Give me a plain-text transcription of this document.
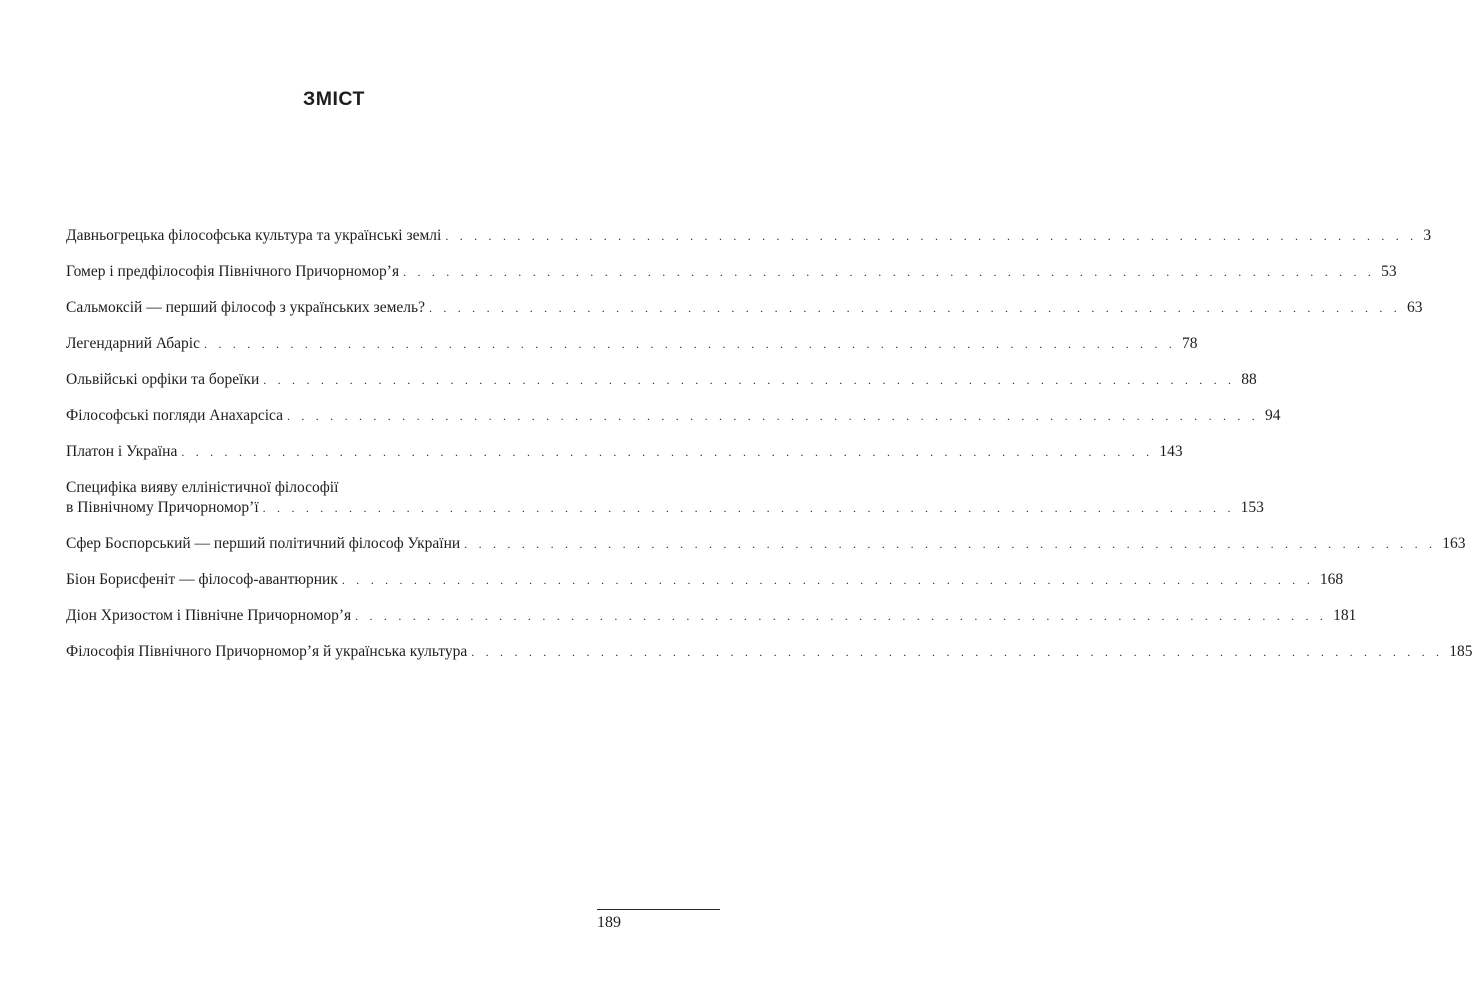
ЗМІСТ
Давньогрецька філософська культура та українські землі . . . . . . . . . . . . . . . . . . . . . . . . . . . . . . . . . . . . . . . . . . . . . . . . . . . . . . . . . . . . . . . . . . . . 3
Гомер і предфілософія Північного Причорномор’я . . . . . . . . . . . . . . . . . . . . . . . . . . . . . . . . . . . . . . . . . . . . . . . . . . . . . . . . . . . . . . . . . . . . 53
Сальмоксій — перший філософ з українських земель? . . . . . . . . . . . . . . . . . . . . . . . . . . . . . . . . . . . . . . . . . . . . . . . . . . . . . . . . . . . . . . . . . . . . 63
Легендарний Абаріс . . . . . . . . . . . . . . . . . . . . . . . . . . . . . . . . . . . . . . . . . . . . . . . . . . . . . . . . . . . . . . . . . . . . 78
Ольвійські орфіки та бореїки . . . . . . . . . . . . . . . . . . . . . . . . . . . . . . . . . . . . . . . . . . . . . . . . . . . . . . . . . . . . . . . . . . . . 88
Філософські погляди Анахарсіса . . . . . . . . . . . . . . . . . . . . . . . . . . . . . . . . . . . . . . . . . . . . . . . . . . . . . . . . . . . . . . . . . . . . 94
Платон і Україна . . . . . . . . . . . . . . . . . . . . . . . . . . . . . . . . . . . . . . . . . . . . . . . . . . . . . . . . . . . . . . . . . . . . 143
Специфіка вияву елліністичної філософії
в Північному Причорномор’ї . . . . . . . . . . . . . . . . . . . . . . . . . . . . . . . . . . . . . . . . . . . . . . . . . . . . . . . . . . . . . . . . . . . . 153
Сфер Боспорський — перший політичний філософ України . . . . . . . . . . . . . . . . . . . . . . . . . . . . . . . . . . . . . . . . . . . . . . . . . . . . . . . . . . . . . . . . . . . . 163
Біон Борисфеніт — філософ-авантюрник . . . . . . . . . . . . . . . . . . . . . . . . . . . . . . . . . . . . . . . . . . . . . . . . . . . . . . . . . . . . . . . . . . . . 168
Діон Хризостом і Північне Причорномор’я . . . . . . . . . . . . . . . . . . . . . . . . . . . . . . . . . . . . . . . . . . . . . . . . . . . . . . . . . . . . . . . . . . . . 181
Філософія Північного Причорномор’я й українська культура . . . . . . . . . . . . . . . . . . . . . . . . . . . . . . . . . . . . . . . . . . . . . . . . . . . . . . . . . . . . . . . . . . . . 185
189
